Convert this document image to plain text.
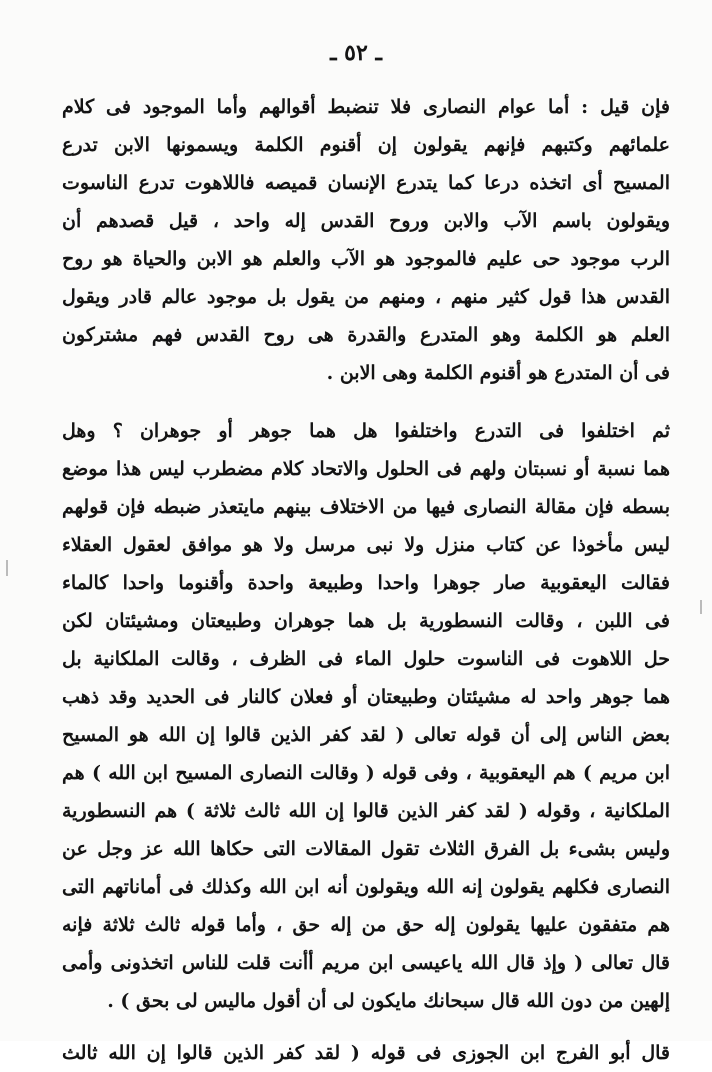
ـ ٥٢ ـ
فإن قيل : أما عوام النصارى فلا تنضبط أقوالهم وأما الموجود فى كلام
علمائهم وكتبهم فإنهم يقولون إن أقنوم الكلمة ويسمونها الابن تدرع
المسيح أى اتخذه درعا كما يتدرع الإنسان قميصه فاللاهوت تدرع الناسوت
ويقولون باسم الآب والابن وروح القدس إله واحد ، قيل قصدهم أن
الرب موجود حى عليم فالموجود هو الآب والعلم هو الابن والحياة هو روح
القدس هذا قول كثير منهم ، ومنهم من يقول بل موجود عالم قادر ويقول
العلم هو الكلمة وهو المتدرع والقدرة هى روح القدس فهم مشتركون
فى أن المتدرع هو أقنوم الكلمة وهى الابن .
ثم اختلفوا فى التدرع واختلفوا هل هما جوهر أو جوهران ؟ وهل
هما نسبة أو نسبتان ولهم فى الحلول والاتحاد كلام مضطرب ليس هذا موضع
بسطه فإن مقالة النصارى فيها من الاختلاف بينهم مايتعذر ضبطه فإن قولهم
ليس مأخوذا عن كتاب منزل ولا نبى مرسل ولا هو موافق لعقول العقلاء
فقالت اليعقوبية صار جوهرا واحدا وطبيعة واحدة وأقنوما واحدا كالماء
فى اللبن ، وقالت النسطورية بل هما جوهران وطبيعتان ومشيئتان لكن
حل اللاهوت فى الناسوت حلول الماء فى الظرف ، وقالت الملكانية بل
هما جوهر واحد له مشيئتان وطبيعتان أو فعلان كالنار فى الحديد وقد ذهب
بعض الناس إلى أن قوله تعالى ( لقد كفر الذين قالوا إن الله هو المسيح
ابن مريم ) هم اليعقوبية ، وفى قوله ( وقالت النصارى المسيح ابن الله ) هم
الملكانية ، وقوله ( لقد كفر الذين قالوا إن الله ثالث ثلاثة ) هم النسطورية
وليس بشىء بل الفرق الثلاث تقول المقالات التى حكاها الله عز وجل عن
النصارى فكلهم يقولون إنه الله ويقولون أنه ابن الله وكذلك فى أماناتهم التى
هم متفقون عليها يقولون إله حق من إله حق ، وأما قوله ثالث ثلاثة فإنه
قال تعالى ( وإذ قال الله ياعيسى ابن مريم أأنت قلت للناس اتخذونى وأمى
إلهين من دون الله قال سبحانك مايكون لى أن أقول ماليس لى بحق ) .
قال أبو الفرج ابن الجوزى فى قوله ( لقد كفر الذين قالوا إن الله ثالث
